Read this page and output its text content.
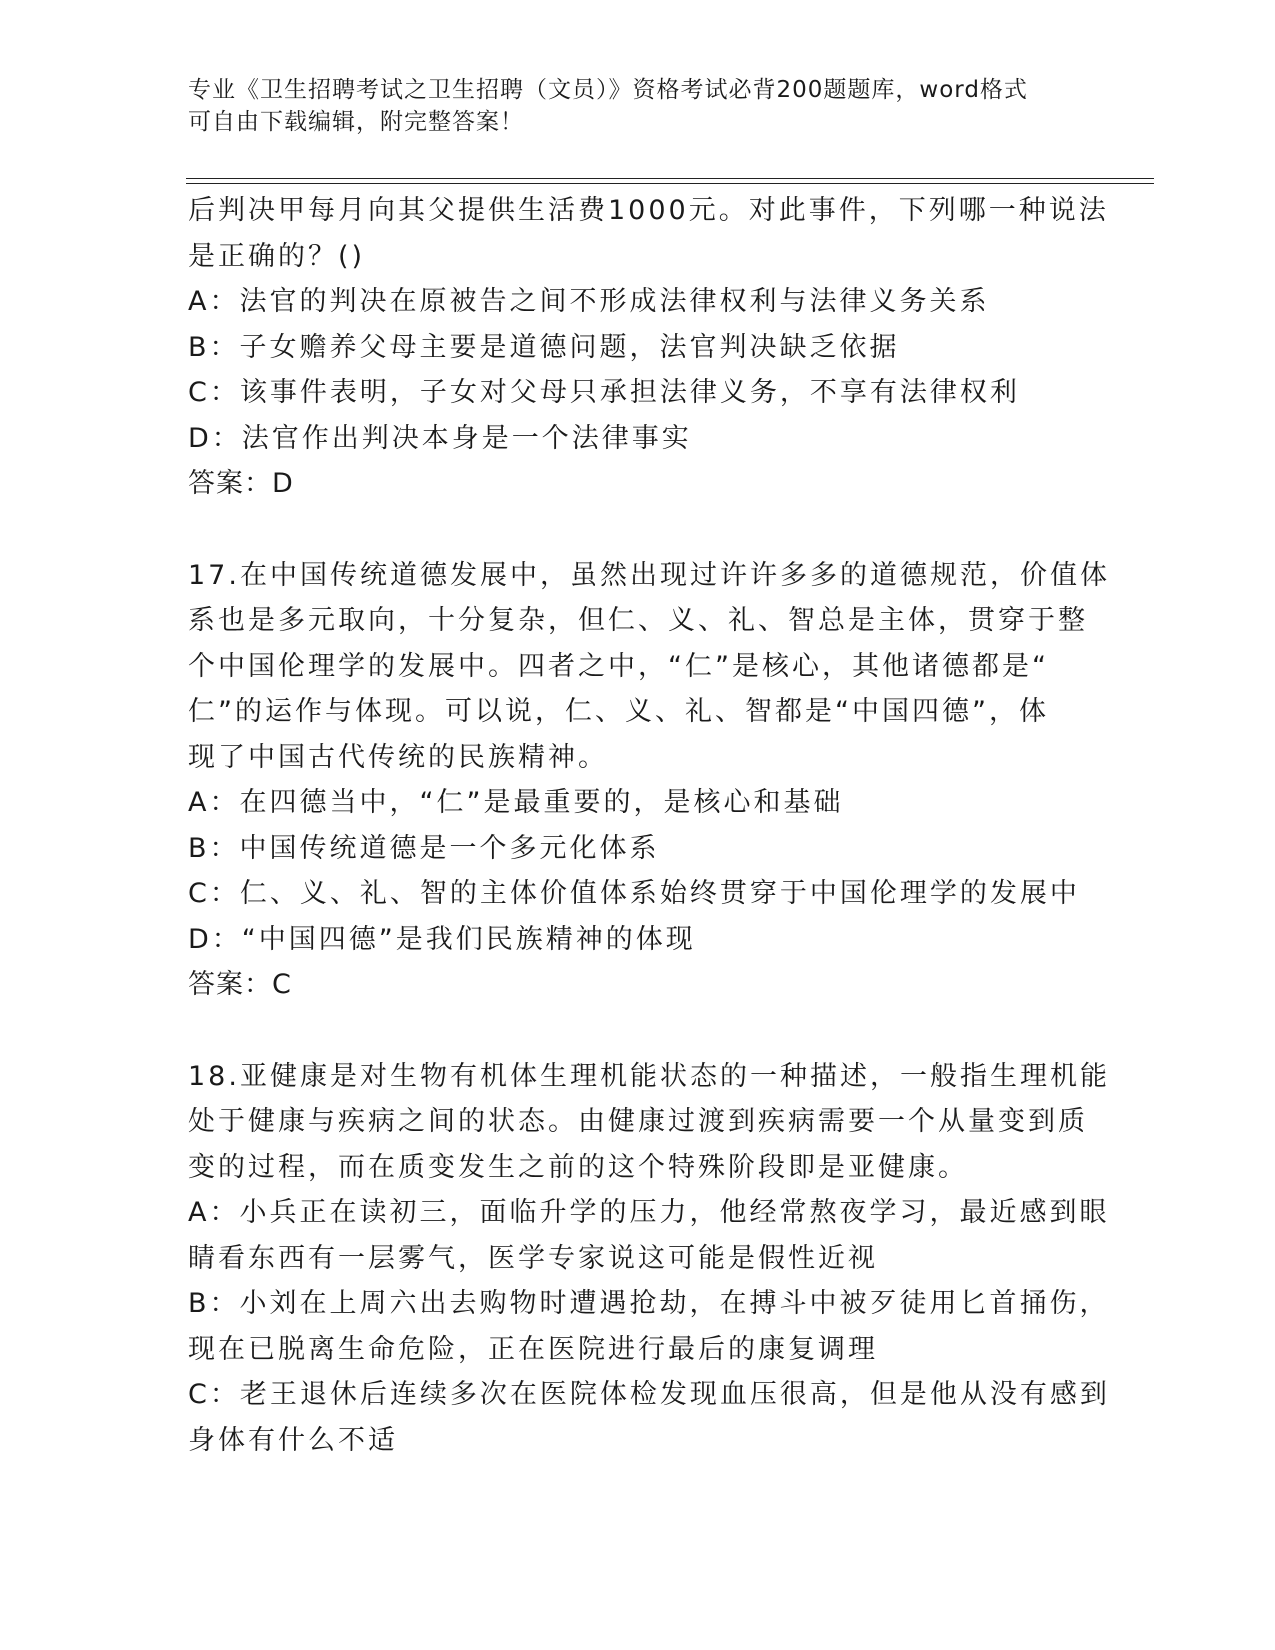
专业《卫生招聘考试之卫生招聘（文员）》资格考试必背200题题库，word格式
可自由下载编辑，附完整答案！
后判决甲每月向其父提供生活费1000元。对此事件，下列哪一种说法
是正确的？()
A：法官的判决在原被告之间不形成法律权利与法律义务关系
B：子女赡养父母主要是道德问题，法官判决缺乏依据
C：该事件表明，子女对父母只承担法律义务，不享有法律权利
D：法官作出判决本身是一个法律事实
答案：D
17.在中国传统道德发展中，虽然出现过许许多多的道德规范，价值体
系也是多元取向，十分复杂，但仁、义、礼、智总是主体，贯穿于整
个中国伦理学的发展中。四者之中，“仁”是核心，其他诸德都是“
仁”的运作与体现。可以说，仁、义、礼、智都是“中国四德”，体
现了中国古代传统的民族精神。
A：在四德当中，“仁”是最重要的，是核心和基础
B：中国传统道德是一个多元化体系
C：仁、义、礼、智的主体价值体系始终贯穿于中国伦理学的发展中
D：“中国四德”是我们民族精神的体现
答案：C
18.亚健康是对生物有机体生理机能状态的一种描述，一般指生理机能
处于健康与疾病之间的状态。由健康过渡到疾病需要一个从量变到质
变的过程，而在质变发生之前的这个特殊阶段即是亚健康。
A：小兵正在读初三，面临升学的压力，他经常熬夜学习，最近感到眼
睛看东西有一层雾气，医学专家说这可能是假性近视
B：小刘在上周六出去购物时遭遇抢劫，在搏斗中被歹徒用匕首捅伤，
现在已脱离生命危险，正在医院进行最后的康复调理
C：老王退休后连续多次在医院体检发现血压很高，但是他从没有感到
身体有什么不适
